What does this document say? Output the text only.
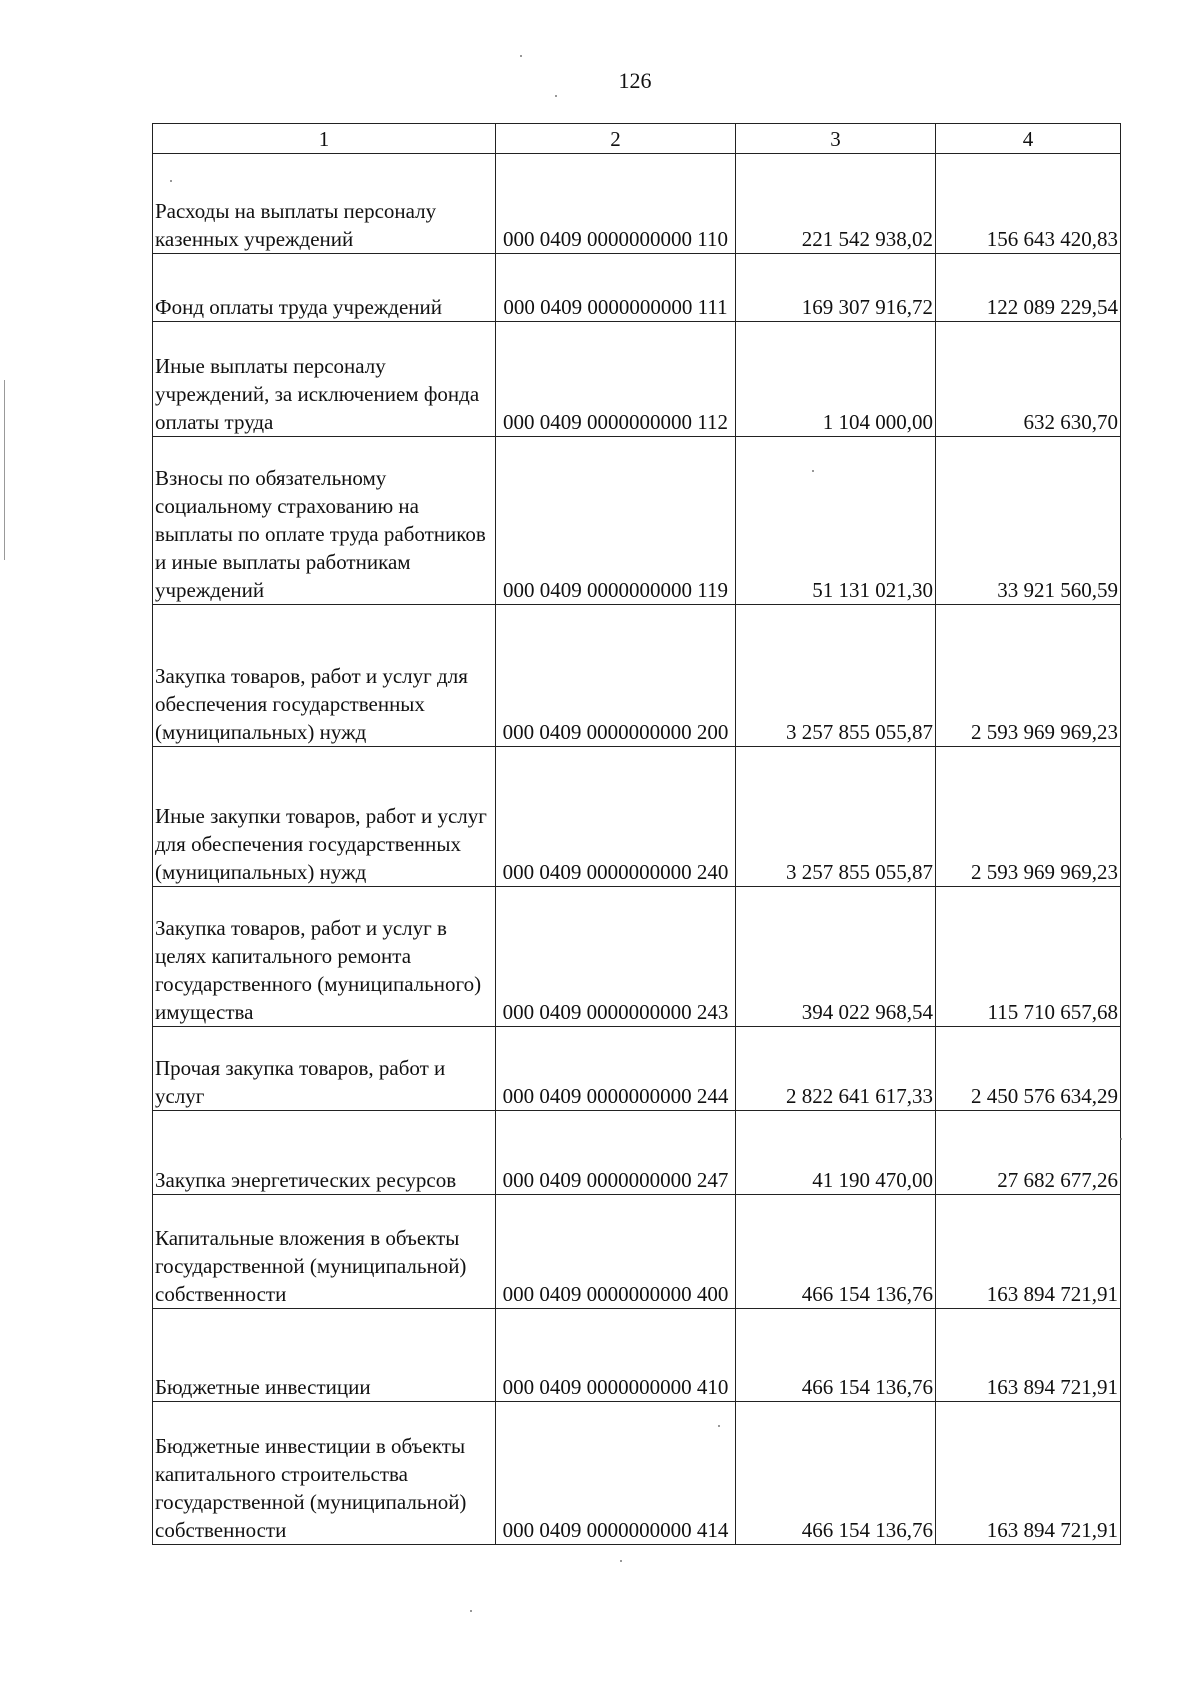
126
1	2	3	4
Расходы на выплаты персоналу казенных учреждений	000 0409 0000000000 110	221 542 938,02	156 643 420,83
Фонд оплаты труда учреждений	000 0409 0000000000 111	169 307 916,72	122 089 229,54
Иные выплаты персоналу учреждений, за исключением фонда оплаты труда	000 0409 0000000000 112	1 104 000,00	632 630,70
Взносы по обязательному социальному страхованию на выплаты по оплате труда работников и иные выплаты работникам учреждений	000 0409 0000000000 119	51 131 021,30	33 921 560,59
Закупка товаров, работ и услуг для обеспечения государственных (муниципальных) нужд	000 0409 0000000000 200	3 257 855 055,87	2 593 969 969,23
Иные закупки товаров, работ и услуг для обеспечения государственных (муниципальных) нужд	000 0409 0000000000 240	3 257 855 055,87	2 593 969 969,23
Закупка товаров, работ и услуг в целях капитального ремонта государственного (муниципального) имущества	000 0409 0000000000 243	394 022 968,54	115 710 657,68
Прочая закупка товаров, работ и услуг	000 0409 0000000000 244	2 822 641 617,33	2 450 576 634,29
Закупка энергетических ресурсов	000 0409 0000000000 247	41 190 470,00	27 682 677,26
Капитальные вложения в объекты государственной (муниципальной) собственности	000 0409 0000000000 400	466 154 136,76	163 894 721,91
Бюджетные инвестиции	000 0409 0000000000 410	466 154 136,76	163 894 721,91
Бюджетные инвестиции в объекты капитального строительства государственной (муниципальной) собственности	000 0409 0000000000 414	466 154 136,76	163 894 721,91
